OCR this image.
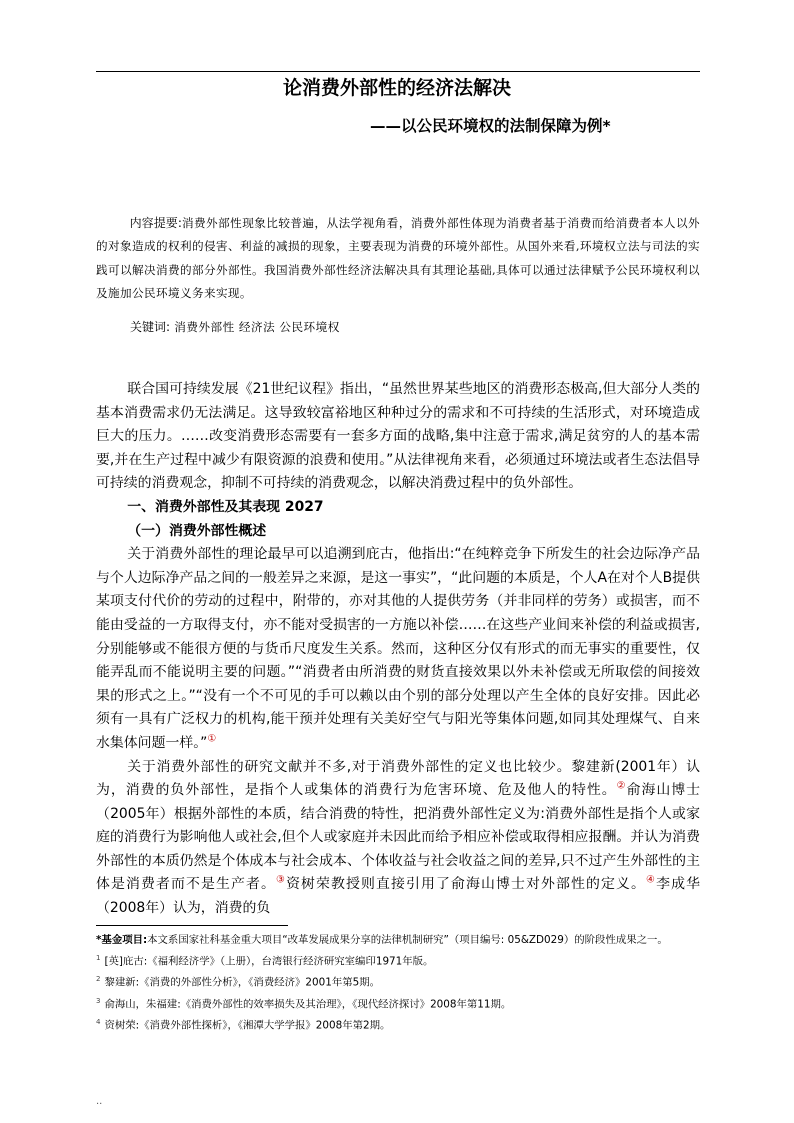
论消费外部性的经济法解决
——以公民环境权的法制保障为例*
内容提要:消费外部性现象比较普遍，从法学视角看，消费外部性体现为消费者基于消费而给消费者本人以外的对象造成的权利的侵害、利益的减损的现象，主要表现为消费的环境外部性。从国外来看,环境权立法与司法的实践可以解决消费的部分外部性。我国消费外部性经济法解决具有其理论基础,具体可以通过法律赋予公民环境权利以及施加公民环境义务来实现。
关键词: 消费外部性 经济法 公民环境权

联合国可持续发展《21世纪议程》指出，“虽然世界某些地区的消费形态极高,但大部分人类的基本消费需求仍无法满足。这导致较富裕地区种种过分的需求和不可持续的生活形式，对环境造成巨大的压力。……改变消费形态需要有一套多方面的战略,集中注意于需求,满足贫穷的人的基本需要,并在生产过程中减少有限资源的浪费和使用。”从法律视角来看，必须通过环境法或者生态法倡导可持续的消费观念，抑制不可持续的消费观念，以解决消费过程中的负外部性。

一、消费外部性及其表现 2027
（一）消费外部性概述

关于消费外部性的理论最早可以追溯到庇古，他指出:“在纯粹竞争下所发生的社会边际净产品与个人边际净产品之间的一般差异之来源，是这一事实”，“此问题的本质是，个人A在对个人B提供某项支付代价的劳动的过程中，附带的，亦对其他的人提供劳务（并非同样的劳务）或损害，而不能由受益的一方取得支付，亦不能对受损害的一方施以补偿……在这些产业间来补偿的利益或损害,分别能够或不能很方便的与货币尺度发生关系。然而，这种区分仅有形式的而无事实的重要性，仅能弄乱而不能说明主要的问题。”“消费者由所消费的财货直接效果以外未补偿或无所取偿的间接效果的形式之上。”“没有一个不可见的手可以赖以由个别的部分处理以产生全体的良好安排。因此必须有一具有广泛权力的机构,能干预并处理有关美好空气与阳光等集体问题,如同其处理煤气、自来水集体问题一样。”①

关于消费外部性的研究文献并不多,对于消费外部性的定义也比较少。黎建新(2001年）认为，消费的负外部性，是指个人或集体的消费行为危害环境、危及他人的特性。②俞海山博士（2005年）根据外部性的本质，结合消费的特性，把消费外部性定义为:消费外部性是指个人或家庭的消费行为影响他人或社会,但个人或家庭并未因此而给予相应补偿或取得相应报酬。并认为消费外部性的本质仍然是个体成本与社会成本、个体收益与社会收益之间的差异,只不过产生外部性的主体是消费者而不是生产者。③资树荣教授则直接引用了俞海山博士对外部性的定义。④李成华（2008年）认为，消费的负

*基金项目:本文系国家社科基金重大项目“改革发展成果分享的法律机制研究”（项目编号: 05&ZD029）的阶段性成果之一。
$^1$ [英]庇古:《福利经济学》（上册），台湾银行经济研究室编印1971年版。
$^2$ 黎建新:《消费的外部性分析》，《消费经济》2001年第5期。
$^3$ 俞海山，朱福建:《消费外部性的效率损失及其治理》，《现代经济探讨》2008年第11期。
$^4$ 资树荣:《消费外部性探析》，《湘潭大学学报》2008年第2期。
..
